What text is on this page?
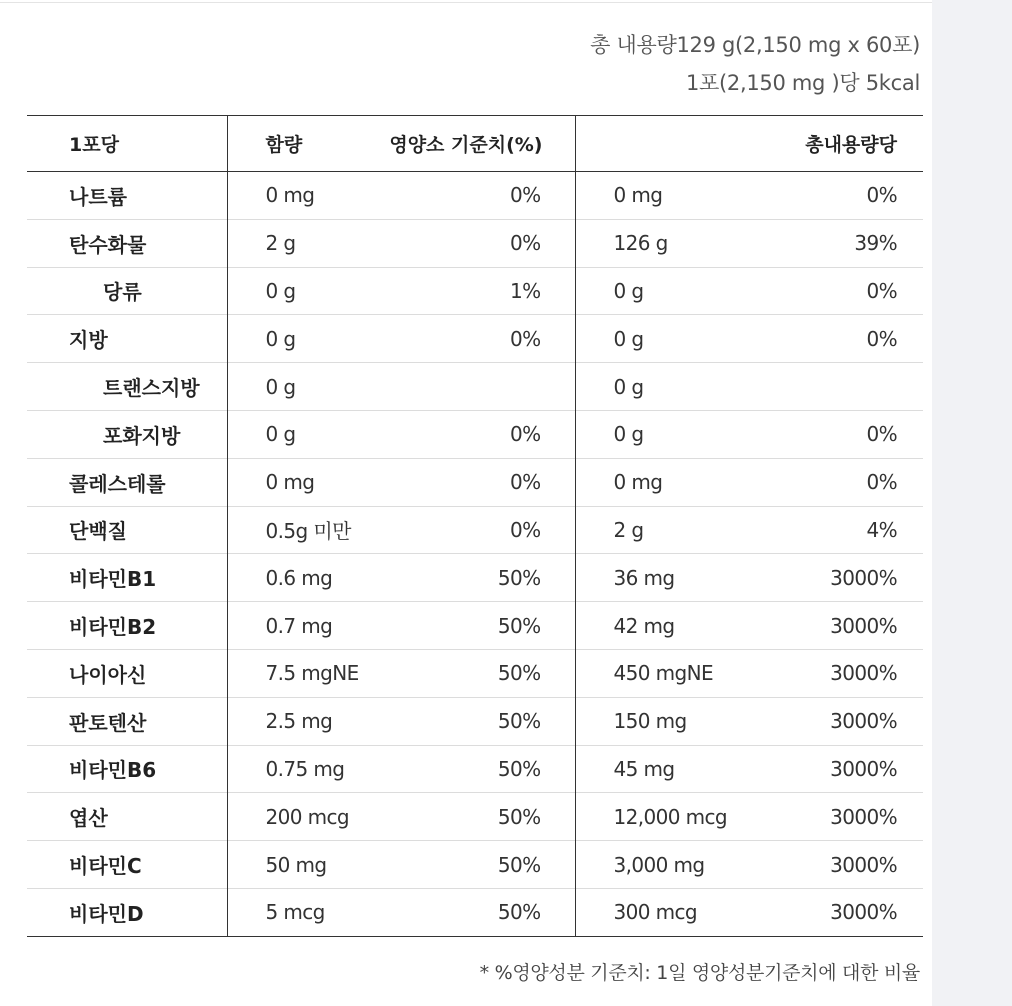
총 내용량129 g(2,150 mg x 60포)
1포(2,150 mg )당 5kcal
1포당	함량	영양소 기준치(%)		총내용량당
나트륨	0 mg	0%	0 mg	0%
탄수화물	2 g	0%	126 g	39%
당류	0 g	1%	0 g	0%
지방	0 g	0%	0 g	0%
트랜스지방	0 g		0 g	
포화지방	0 g	0%	0 g	0%
콜레스테롤	0 mg	0%	0 mg	0%
단백질	0.5g 미만	0%	2 g	4%
비타민B1	0.6 mg	50%	36 mg	3000%
비타민B2	0.7 mg	50%	42 mg	3000%
나이아신	7.5 mgNE	50%	450 mgNE	3000%
판토텐산	2.5 mg	50%	150 mg	3000%
비타민B6	0.75 mg	50%	45 mg	3000%
엽산	200 mcg	50%	12,000 mcg	3000%
비타민C	50 mg	50%	3,000 mg	3000%
비타민D	5 mcg	50%	300 mcg	3000%
* %영양성분 기준치: 1일 영양성분기준치에 대한 비율
